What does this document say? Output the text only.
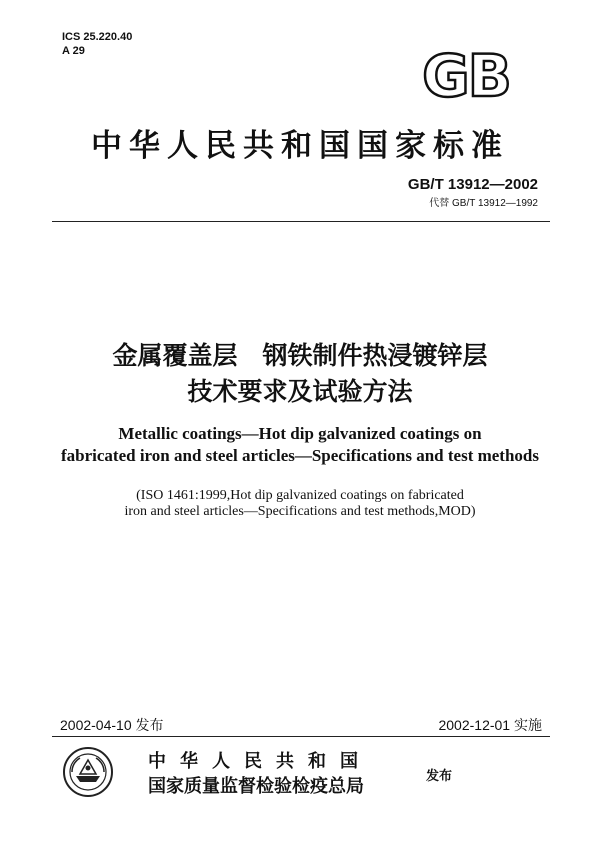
ICS 25.220.40
A 29	GB
中华人民共和国国家标准
GB/T 13912—2002
代替 GB/T 13912—1992
金属覆盖层　钢铁制件热浸镀锌层
技术要求及试验方法
Metallic coatings—Hot dip galvanized coatings on
fabricated iron and steel articles—Specifications and test methods
(ISO 1461:1999,Hot dip galvanized coatings on fabricated
iron and steel articles—Specifications and test methods,MOD)
2002-04-10 发布	2002-12-01 实施
中华人民共和国
国家质量监督检验检疫总局	发布
